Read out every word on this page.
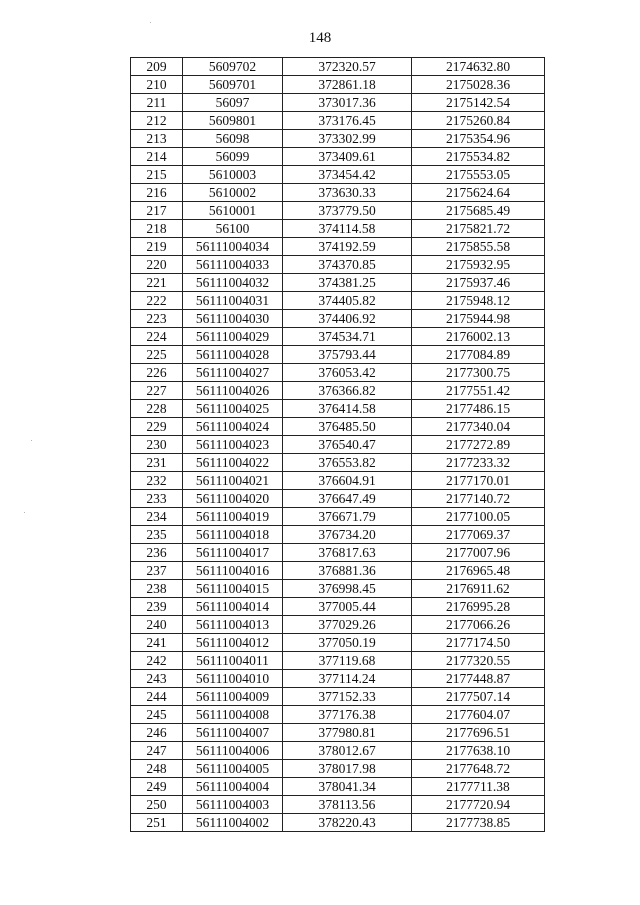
148
209	5609702	372320.57	2174632.80
210	5609701	372861.18	2175028.36
211	56097	373017.36	2175142.54
212	5609801	373176.45	2175260.84
213	56098	373302.99	2175354.96
214	56099	373409.61	2175534.82
215	5610003	373454.42	2175553.05
216	5610002	373630.33	2175624.64
217	5610001	373779.50	2175685.49
218	56100	374114.58	2175821.72
219	56111004034	374192.59	2175855.58
220	56111004033	374370.85	2175932.95
221	56111004032	374381.25	2175937.46
222	56111004031	374405.82	2175948.12
223	56111004030	374406.92	2175944.98
224	56111004029	374534.71	2176002.13
225	56111004028	375793.44	2177084.89
226	56111004027	376053.42	2177300.75
227	56111004026	376366.82	2177551.42
228	56111004025	376414.58	2177486.15
229	56111004024	376485.50	2177340.04
230	56111004023	376540.47	2177272.89
231	56111004022	376553.82	2177233.32
232	56111004021	376604.91	2177170.01
233	56111004020	376647.49	2177140.72
234	56111004019	376671.79	2177100.05
235	56111004018	376734.20	2177069.37
236	56111004017	376817.63	2177007.96
237	56111004016	376881.36	2176965.48
238	56111004015	376998.45	2176911.62
239	56111004014	377005.44	2176995.28
240	56111004013	377029.26	2177066.26
241	56111004012	377050.19	2177174.50
242	56111004011	377119.68	2177320.55
243	56111004010	377114.24	2177448.87
244	56111004009	377152.33	2177507.14
245	56111004008	377176.38	2177604.07
246	56111004007	377980.81	2177696.51
247	56111004006	378012.67	2177638.10
248	56111004005	378017.98	2177648.72
249	56111004004	378041.34	2177711.38
250	56111004003	378113.56	2177720.94
251	56111004002	378220.43	2177738.85
